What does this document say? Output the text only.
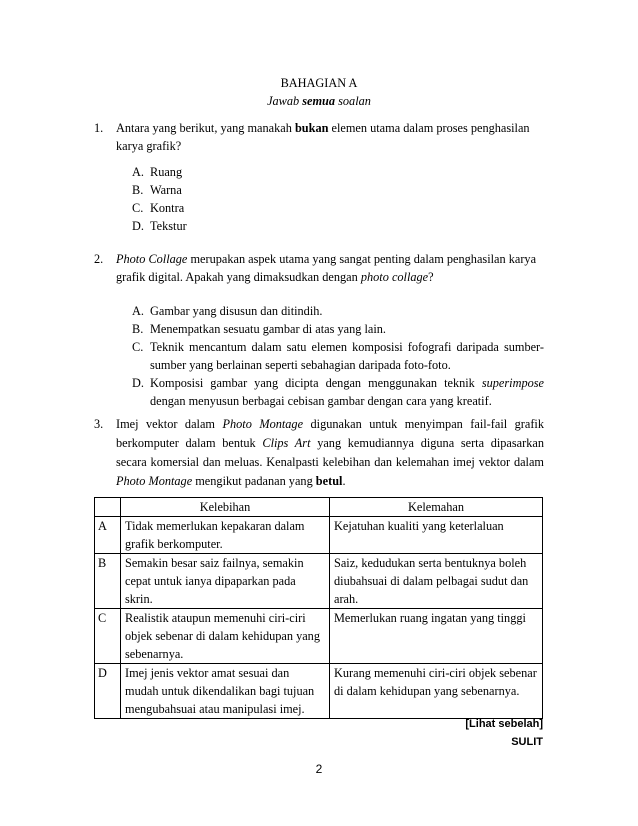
BAHAGIAN A
Jawab semua soalan
1. Antara yang berikut, yang manakah bukan elemen utama dalam proses penghasilan karya grafik?
A. Ruang
B. Warna
C. Kontra
D. Tekstur
2. Photo Collage merupakan aspek utama yang sangat penting dalam penghasilan karya grafik digital. Apakah yang dimaksudkan dengan photo collage?
A. Gambar yang disusun dan ditindih.
B. Menempatkan sesuatu gambar di atas yang lain.
C. Teknik mencantum dalam satu elemen komposisi fofografi daripada sumber-sumber yang berlainan seperti sebahagian daripada foto-foto.
D. Komposisi gambar yang dicipta dengan menggunakan teknik superimpose dengan menyusun berbagai cebisan gambar dengan cara yang kreatif.
3. Imej vektor dalam Photo Montage digunakan untuk menyimpan fail-fail grafik berkomputer dalam bentuk Clips Art yang kemudiannya diguna serta dipasarkan secara komersial dan meluas. Kenalpasti kelebihan dan kelemahan imej vektor dalam Photo Montage mengikut padanan yang betul.
	Kelebihan	Kelemahan
A	Tidak memerlukan kepakaran dalam grafik berkomputer.	Kejatuhan kualiti yang keterlaluan
B	Semakin besar saiz failnya, semakin cepat untuk ianya dipaparkan pada skrin.	Saiz, kedudukan serta bentuknya boleh diubahsuai di dalam pelbagai sudut dan arah.
C	Realistik ataupun memenuhi ciri-ciri objek sebenar di dalam kehidupan yang sebenarnya.	Memerlukan ruang ingatan yang tinggi
D	Imej jenis vektor amat sesuai dan mudah untuk dikendalikan bagi tujuan mengubahsuai atau manipulasi imej.	Kurang memenuhi ciri-ciri objek sebenar di dalam kehidupan yang sebenarnya.
[Lihat sebelah]
SULIT
2
